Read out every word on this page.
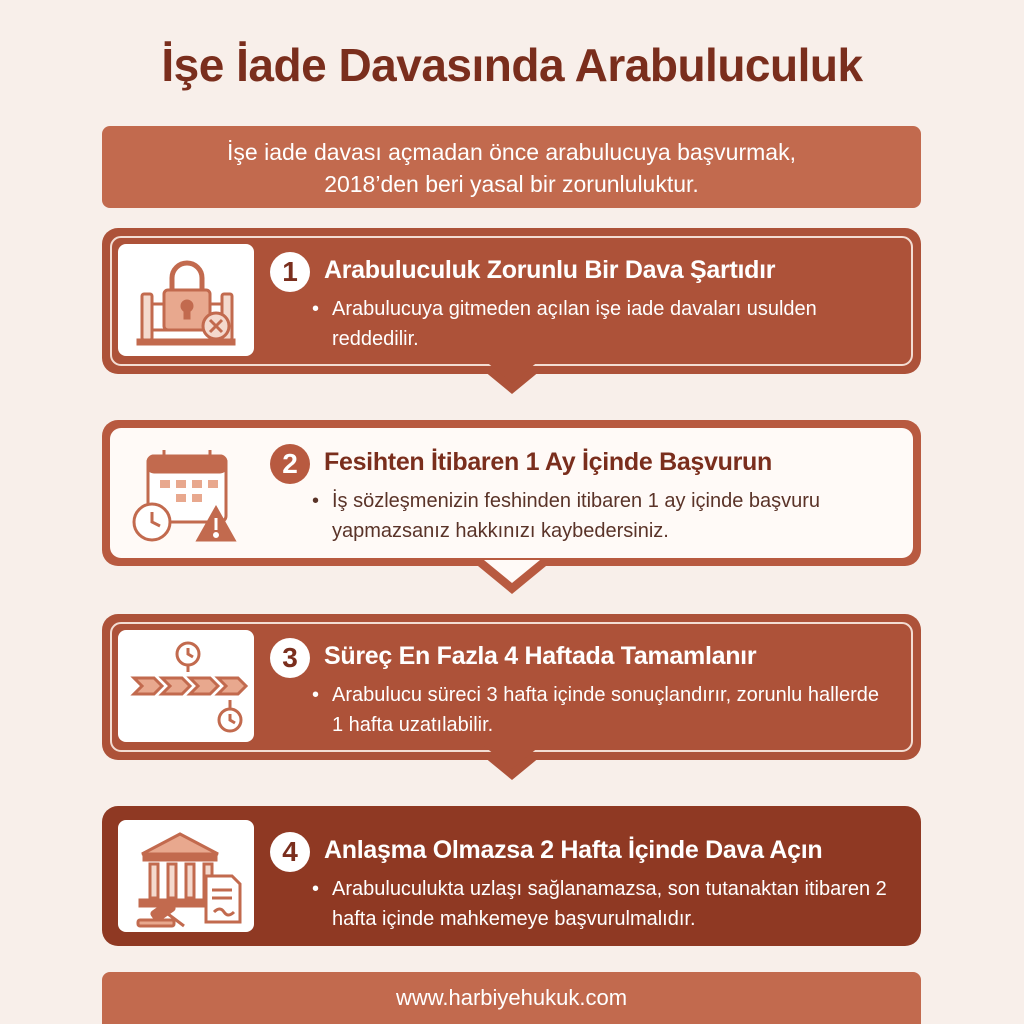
İşe İade Davasında Arabuluculuk
İşe iade davası açmadan önce arabulucuya başvurmak,
2018’den beri yasal bir zorunluluktur.
1	Arabuluculuk Zorunlu Bir Dava Şartıdır
• Arabulucuya gitmeden açılan işe iade davaları usulden reddedilir.
2	Fesihten İtibaren 1 Ay İçinde Başvurun
• İş sözleşmenizin feshinden itibaren 1 ay içinde başvuru yapmazsanız hakkınızı kaybedersiniz.
3	Süreç En Fazla 4 Haftada Tamamlanır
• Arabulucu süreci 3 hafta içinde sonuçlandırır, zorunlu hallerde 1 hafta uzatılabilir.
4	Anlaşma Olmazsa 2 Hafta İçinde Dava Açın
• Arabuluculukta uzlaşı sağlanamazsa, son tutanaktan itibaren 2 hafta içinde mahkemeye başvurulmalıdır.
www.harbiyehukuk.com
